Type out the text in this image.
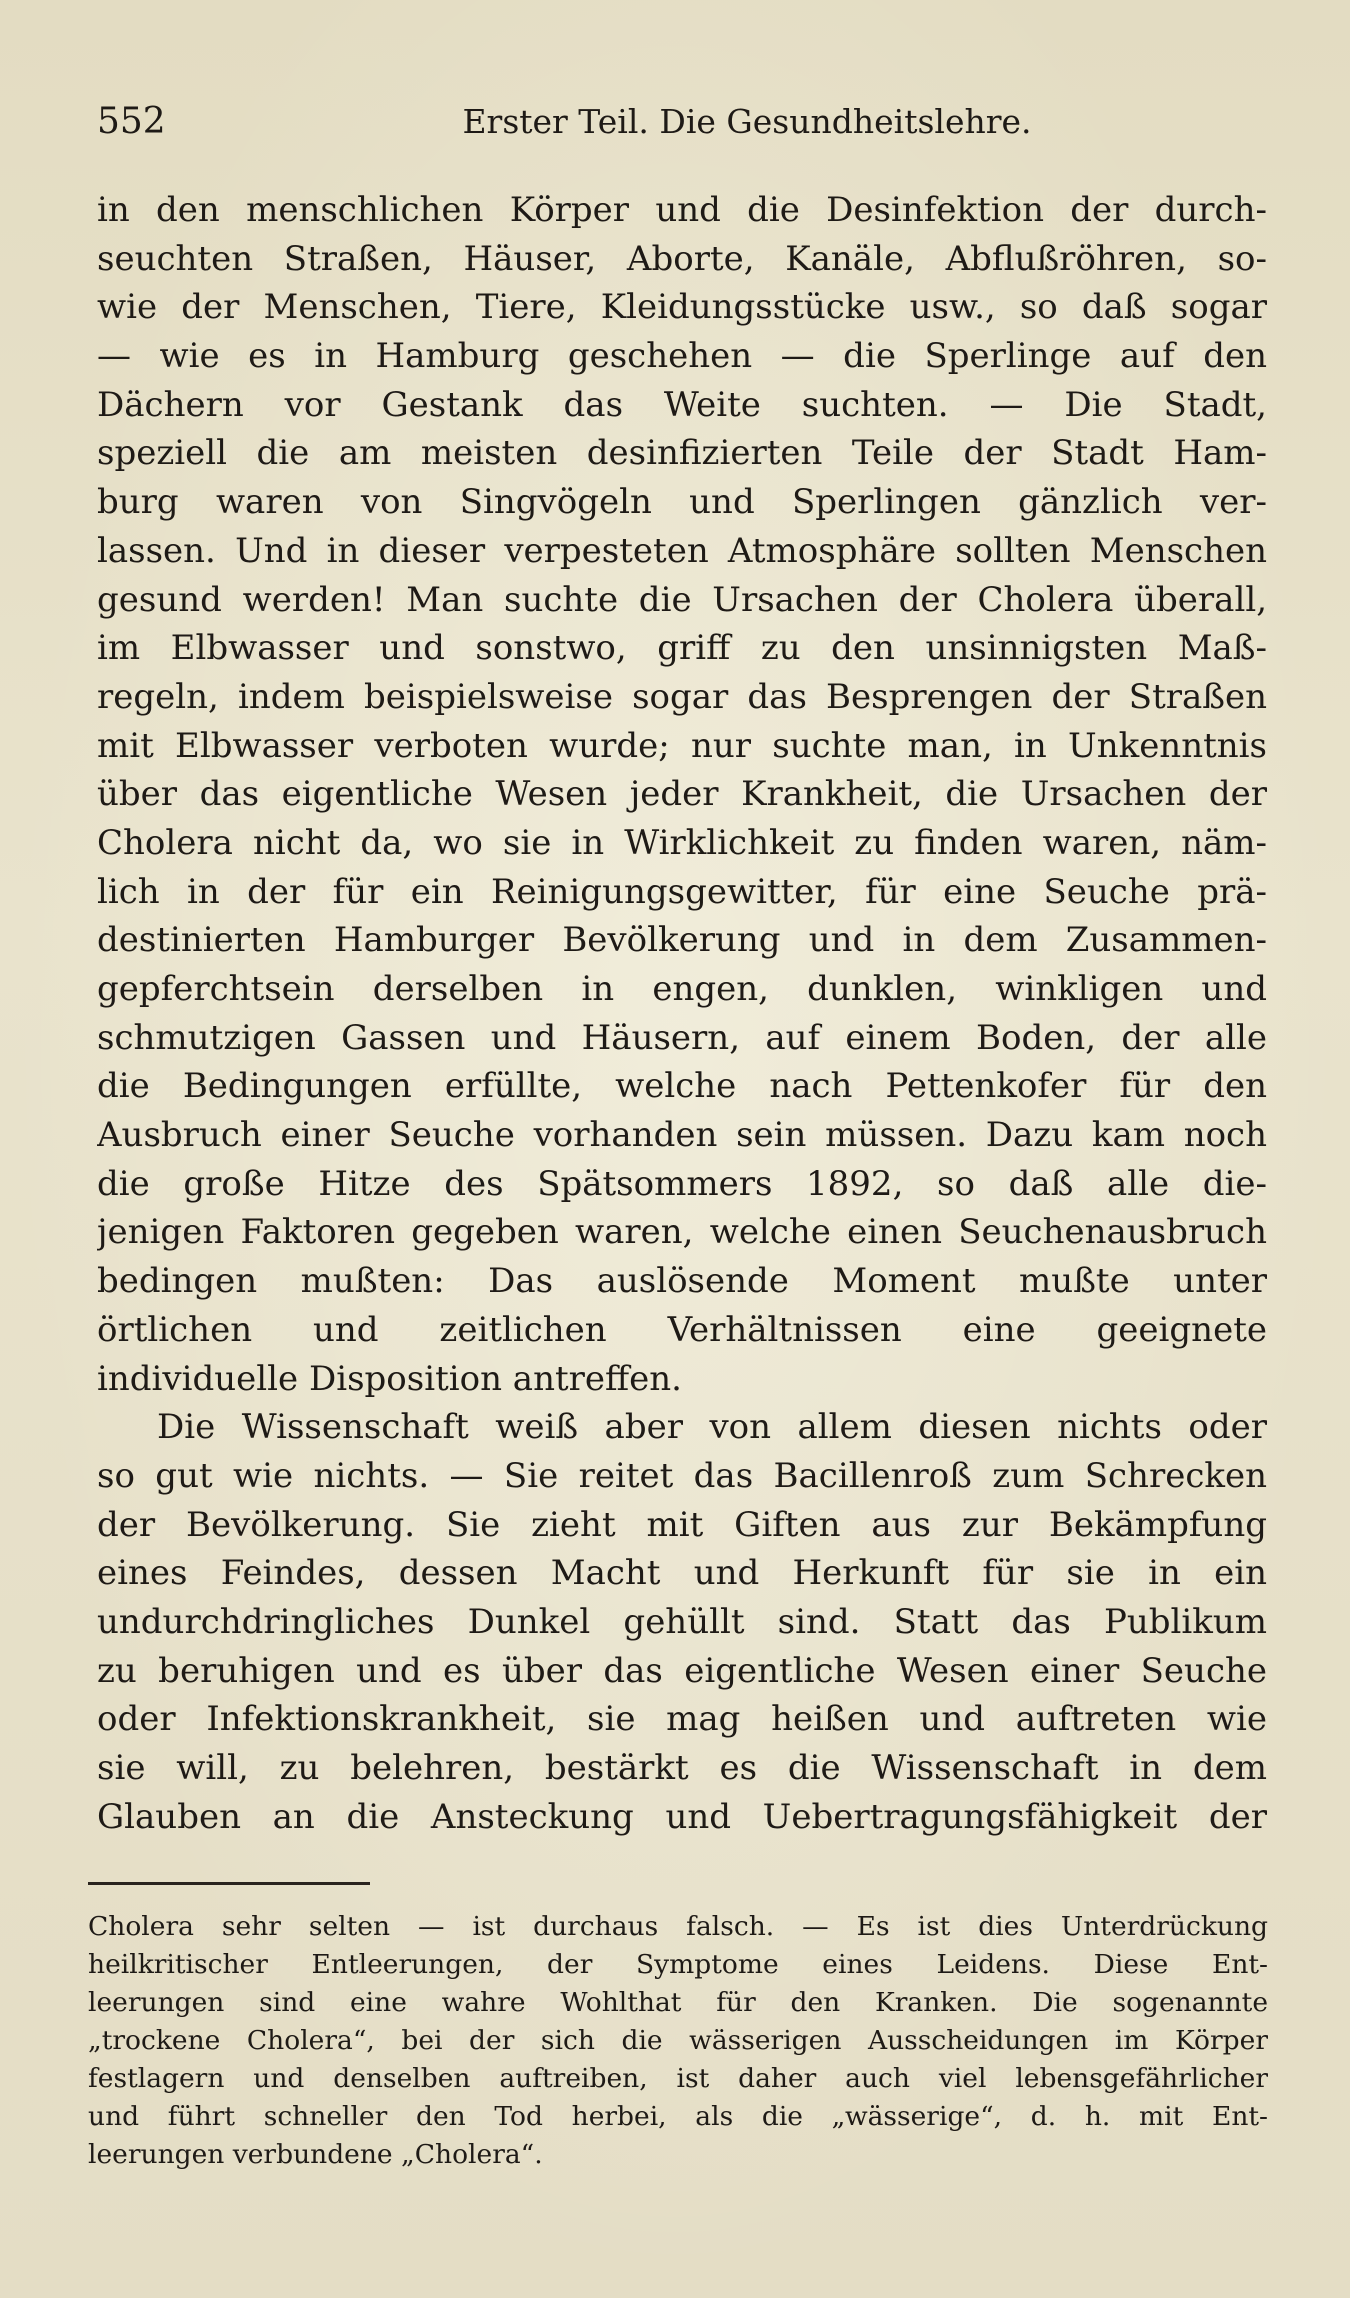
552	Erster Teil. Die Gesundheitslehre.
in den menschlichen Körper und die Desinfektion der durch-
seuchten Straßen, Häuser, Aborte, Kanäle, Abflußröhren, so-
wie der Menschen, Tiere, Kleidungsstücke usw., so daß sogar
— wie es in Hamburg geschehen — die Sperlinge auf den
Dächern vor Gestank das Weite suchten. — Die Stadt,
speziell die am meisten desinfizierten Teile der Stadt Ham-
burg waren von Singvögeln und Sperlingen gänzlich ver-
lassen. Und in dieser verpesteten Atmosphäre sollten Menschen
gesund werden! Man suchte die Ursachen der Cholera überall,
im Elbwasser und sonstwo, griff zu den unsinnigsten Maß-
regeln, indem beispielsweise sogar das Besprengen der Straßen
mit Elbwasser verboten wurde; nur suchte man, in Unkenntnis
über das eigentliche Wesen jeder Krankheit, die Ursachen der
Cholera nicht da, wo sie in Wirklichkeit zu finden waren, näm-
lich in der für ein Reinigungsgewitter, für eine Seuche prä-
destinierten Hamburger Bevölkerung und in dem Zusammen-
gepferchtsein derselben in engen, dunklen, winkligen und
schmutzigen Gassen und Häusern, auf einem Boden, der alle
die Bedingungen erfüllte, welche nach Pettenkofer für den
Ausbruch einer Seuche vorhanden sein müssen. Dazu kam noch
die große Hitze des Spätsommers 1892, so daß alle die-
jenigen Faktoren gegeben waren, welche einen Seuchenausbruch
bedingen mußten: Das auslösende Moment mußte unter
örtlichen und zeitlichen Verhältnissen eine geeignete
individuelle Disposition antreffen.
Die Wissenschaft weiß aber von allem diesen nichts oder
so gut wie nichts. — Sie reitet das Bacillenroß zum Schrecken
der Bevölkerung. Sie zieht mit Giften aus zur Bekämpfung
eines Feindes, dessen Macht und Herkunft für sie in ein
undurchdringliches Dunkel gehüllt sind. Statt das Publikum
zu beruhigen und es über das eigentliche Wesen einer Seuche
oder Infektionskrankheit, sie mag heißen und auftreten wie
sie will, zu belehren, bestärkt es die Wissenschaft in dem
Glauben an die Ansteckung und Uebertragungsfähigkeit der
Cholera sehr selten — ist durchaus falsch. — Es ist dies Unterdrückung
heilkritischer Entleerungen, der Symptome eines Leidens. Diese Ent-
leerungen sind eine wahre Wohlthat für den Kranken. Die sogenannte
„trockene Cholera“, bei der sich die wässerigen Ausscheidungen im Körper
festlagern und denselben auftreiben, ist daher auch viel lebensgefährlicher
und führt schneller den Tod herbei, als die „wässerige“, d. h. mit Ent-
leerungen verbundene „Cholera“.
